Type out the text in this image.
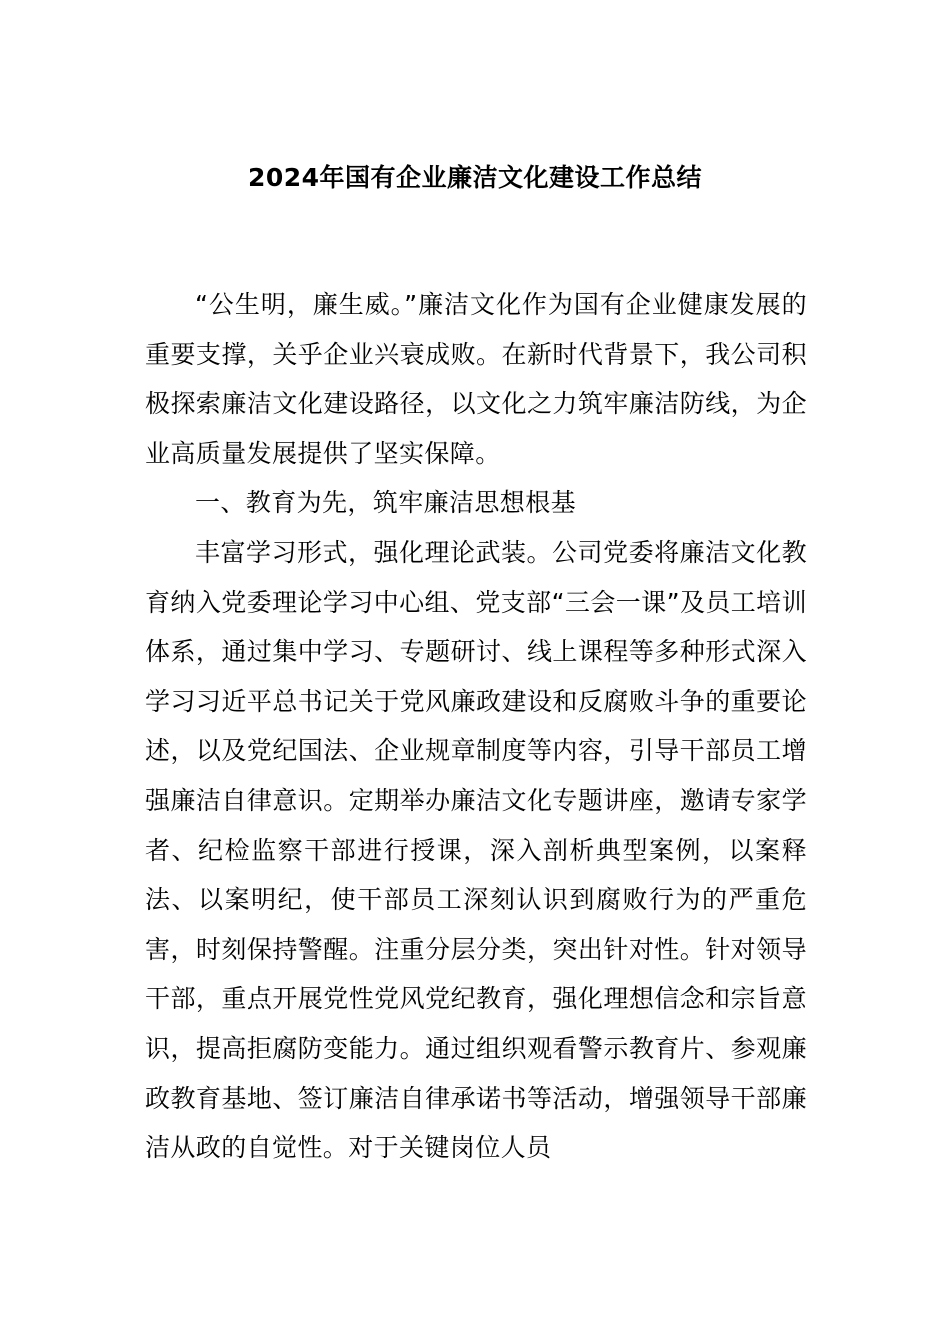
2024年国有企业廉洁文化建设工作总结

“公生明，廉生威。”廉洁文化作为国有企业健康发展的重要支撑，关乎企业兴衰成败。在新时代背景下，我公司积极探索廉洁文化建设路径，以文化之力筑牢廉洁防线，为企业高质量发展提供了坚实保障。

一、教育为先，筑牢廉洁思想根基

丰富学习形式，强化理论武装。公司党委将廉洁文化教育纳入党委理论学习中心组、党支部“三会一课”及员工培训体系，通过集中学习、专题研讨、线上课程等多种形式深入学习习近平总书记关于党风廉政建设和反腐败斗争的重要论述，以及党纪国法、企业规章制度等内容，引导干部员工增强廉洁自律意识。定期举办廉洁文化专题讲座，邀请专家学者、纪检监察干部进行授课，深入剖析典型案例，以案释法、以案明纪，使干部员工深刻认识到腐败行为的严重危害，时刻保持警醒。注重分层分类，突出针对性。针对领导干部，重点开展党性党风党纪教育，强化理想信念和宗旨意识，提高拒腐防变能力。通过组织观看警示教育片、参观廉政教育基地、签订廉洁自律承诺书等活动，增强领导干部廉洁从政的自觉性。对于关键岗位人员
